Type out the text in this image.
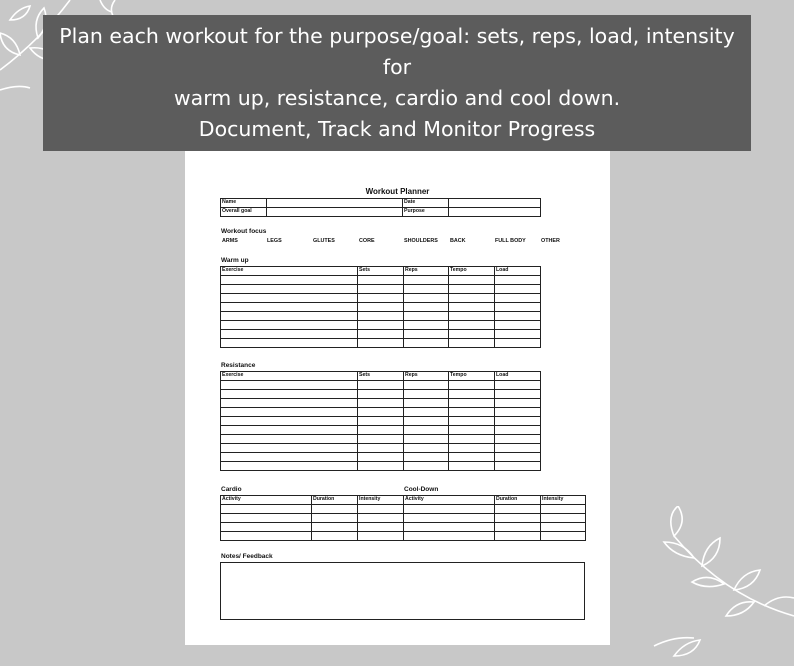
Plan each workout for the purpose/goal: sets, reps, load, intensity for
warm up, resistance, cardio and cool down.
Document, Track and Monitor Progress
Workout Planner
Name		Date	
Overall goal		Purpose	
Workout focus
ARMS	LEGS	GLUTES	CORE	SHOULDERS BACK	FULL BODY	OTHER
Warm up
Exercise	Sets	Reps	Tempo	Load

Resistance
Exercise	Sets	Reps	Tempo	Load

Cardio	Cool-Down
Activity	Duration	Intensity	Activity	Duration	Intensity

Notes/ Feedback
